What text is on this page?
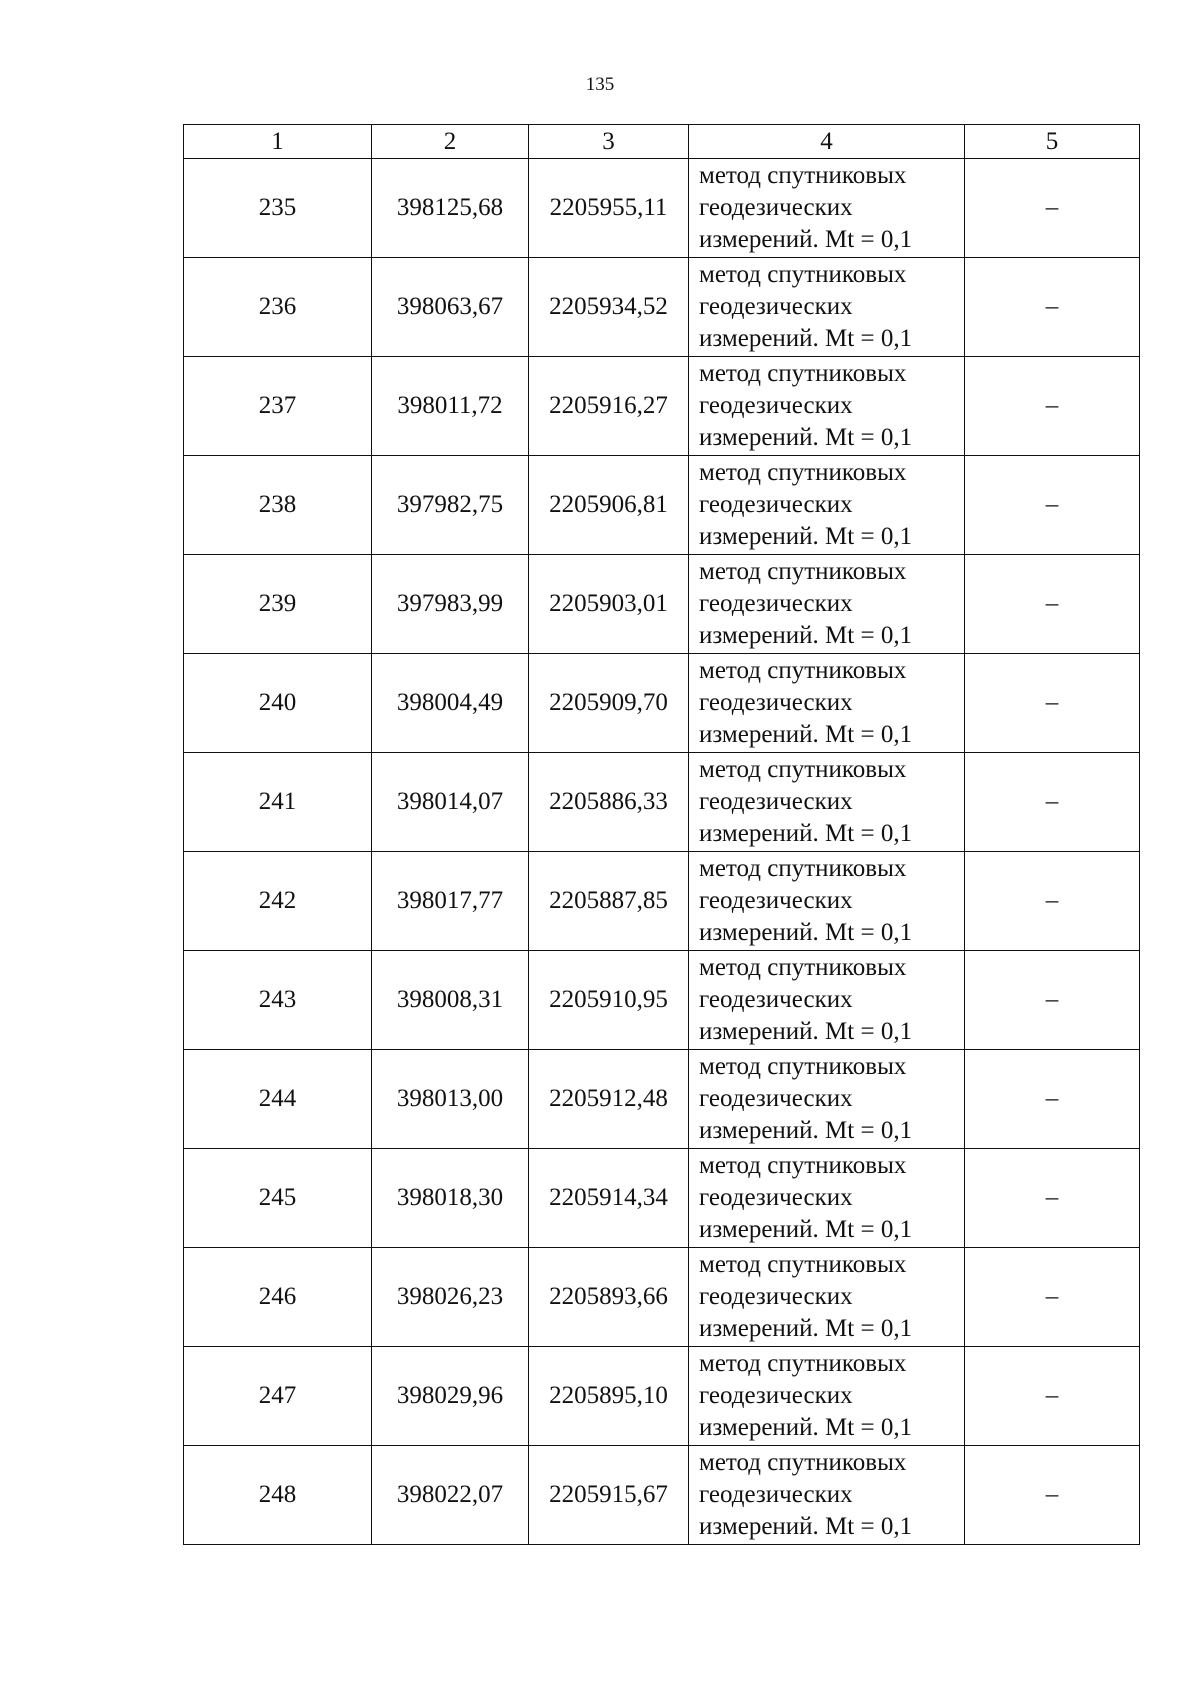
135
1	2	3	4	5
235	398125,68	2205955,11	метод спутниковых
геодезических
измерений. Mt = 0,1	–
236	398063,67	2205934,52	метод спутниковых
геодезических
измерений. Mt = 0,1	–
237	398011,72	2205916,27	метод спутниковых
геодезических
измерений. Mt = 0,1	–
238	397982,75	2205906,81	метод спутниковых
геодезических
измерений. Mt = 0,1	–
239	397983,99	2205903,01	метод спутниковых
геодезических
измерений. Mt = 0,1	–
240	398004,49	2205909,70	метод спутниковых
геодезических
измерений. Mt = 0,1	–
241	398014,07	2205886,33	метод спутниковых
геодезических
измерений. Mt = 0,1	–
242	398017,77	2205887,85	метод спутниковых
геодезических
измерений. Mt = 0,1	–
243	398008,31	2205910,95	метод спутниковых
геодезических
измерений. Mt = 0,1	–
244	398013,00	2205912,48	метод спутниковых
геодезических
измерений. Mt = 0,1	–
245	398018,30	2205914,34	метод спутниковых
геодезических
измерений. Mt = 0,1	–
246	398026,23	2205893,66	метод спутниковых
геодезических
измерений. Mt = 0,1	–
247	398029,96	2205895,10	метод спутниковых
геодезических
измерений. Mt = 0,1	–
248	398022,07	2205915,67	метод спутниковых
геодезических
измерений. Mt = 0,1	–
